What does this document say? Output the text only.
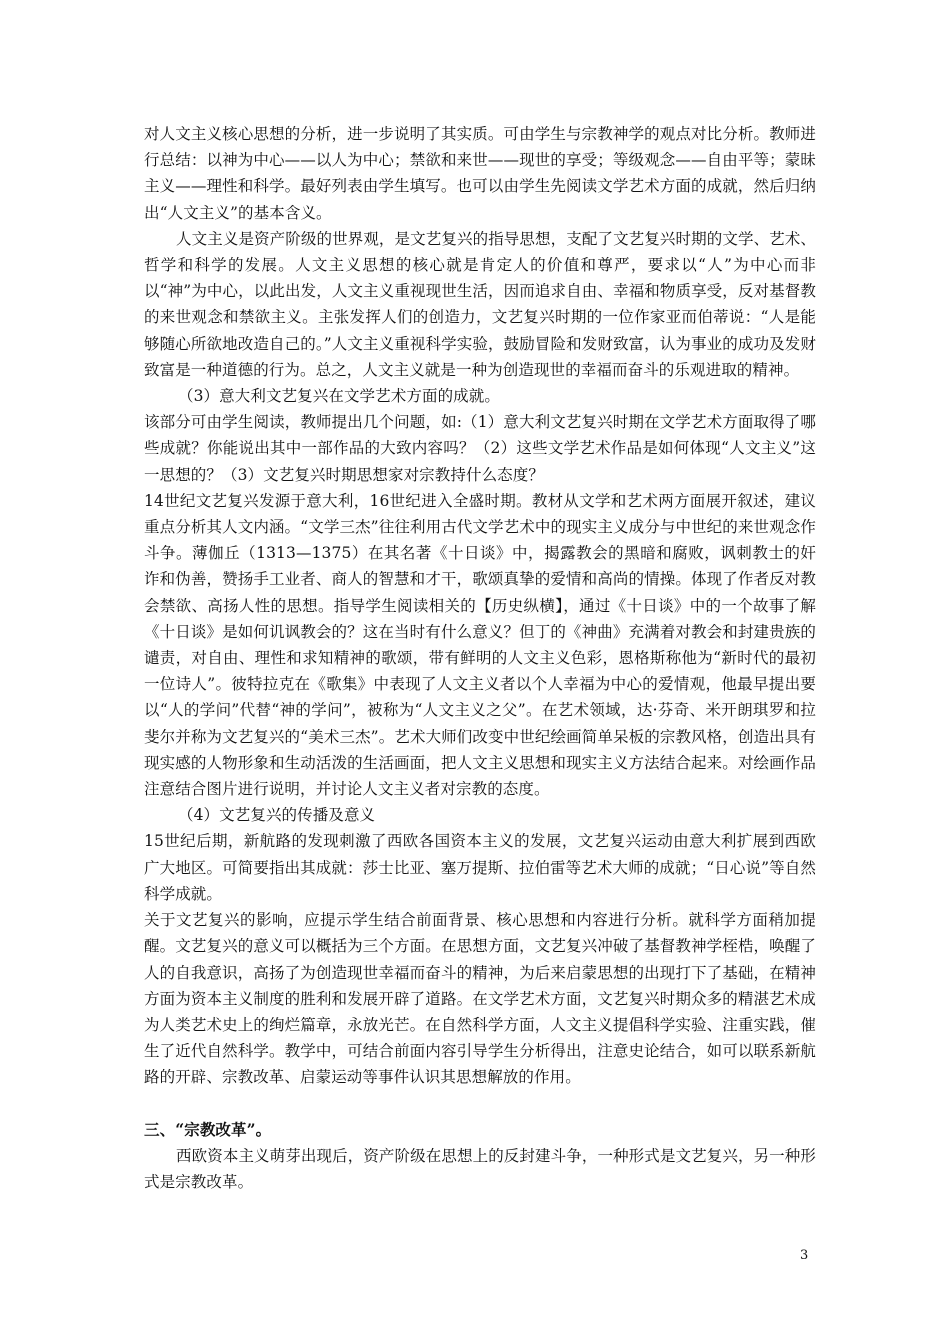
对人文主义核心思想的分析，进一步说明了其实质。可由学生与宗教神学的观点对比分析。教师进行总结：以神为中心——以人为中心；禁欲和来世——现世的享受；等级观念——自由平等；蒙昧主义——理性和科学。最好列表由学生填写。也可以由学生先阅读文学艺术方面的成就，然后归纳出“人文主义”的基本含义。

人文主义是资产阶级的世界观，是文艺复兴的指导思想，支配了文艺复兴时期的文学、艺术、哲学和科学的发展。人文主义思想的核心就是肯定人的价值和尊严，要求以“人”为中心而非以“神”为中心，以此出发，人文主义重视现世生活，因而追求自由、幸福和物质享受，反对基督教的来世观念和禁欲主义。主张发挥人们的创造力，文艺复兴时期的一位作家亚而伯蒂说：“人是能够随心所欲地改造自己的。”人文主义重视科学实验，鼓励冒险和发财致富，认为事业的成功及发财致富是一种道德的行为。总之，人文主义就是一种为创造现世的幸福而奋斗的乐观进取的精神。

（3）意大利文艺复兴在文学艺术方面的成就。

该部分可由学生阅读，教师提出几个问题，如:（1）意大利文艺复兴时期在文学艺术方面取得了哪些成就？你能说出其中一部作品的大致内容吗？（2）这些文学艺术作品是如何体现“人文主义”这一思想的？（3）文艺复兴时期思想家对宗教持什么态度？

14世纪文艺复兴发源于意大利，16世纪进入全盛时期。教材从文学和艺术两方面展开叙述，建议重点分析其人文内涵。“文学三杰”往往利用古代文学艺术中的现实主义成分与中世纪的来世观念作斗争。薄伽丘（1313—1375）在其名著《十日谈》中，揭露教会的黑暗和腐败，讽刺教士的奸诈和伪善，赞扬手工业者、商人的智慧和才干，歌颂真挚的爱情和高尚的情操。体现了作者反对教会禁欲、高扬人性的思想。指导学生阅读相关的【历史纵横】，通过《十日谈》中的一个故事了解《十日谈》是如何讥讽教会的？这在当时有什么意义？但丁的《神曲》充满着对教会和封建贵族的谴责，对自由、理性和求知精神的歌颂，带有鲜明的人文主义色彩，恩格斯称他为“新时代的最初一位诗人”。彼特拉克在《歌集》中表现了人文主义者以个人幸福为中心的爱情观，他最早提出要以“人的学问”代替“神的学问”，被称为“人文主义之父”。在艺术领域，达·芬奇、米开朗琪罗和拉斐尔并称为文艺复兴的“美术三杰”。艺术大师们改变中世纪绘画简单呆板的宗教风格，创造出具有现实感的人物形象和生动活泼的生活画面，把人文主义思想和现实主义方法结合起来。对绘画作品注意结合图片进行说明，并讨论人文主义者对宗教的态度。

（4）文艺复兴的传播及意义

15世纪后期，新航路的发现刺激了西欧各国资本主义的发展，文艺复兴运动由意大利扩展到西欧广大地区。可简要指出其成就：莎士比亚、塞万提斯、拉伯雷等艺术大师的成就；“日心说”等自然科学成就。

关于文艺复兴的影响，应提示学生结合前面背景、核心思想和内容进行分析。就科学方面稍加提醒。文艺复兴的意义可以概括为三个方面。在思想方面，文艺复兴冲破了基督教神学桎梏，唤醒了人的自我意识，高扬了为创造现世幸福而奋斗的精神，为后来启蒙思想的出现打下了基础，在精神方面为资本主义制度的胜利和发展开辟了道路。在文学艺术方面，文艺复兴时期众多的精湛艺术成为人类艺术史上的绚烂篇章，永放光芒。在自然科学方面，人文主义提倡科学实验、注重实践，催生了近代自然科学。教学中，可结合前面内容引导学生分析得出，注意史论结合，如可以联系新航路的开辟、宗教改革、启蒙运动等事件认识其思想解放的作用。

三、“宗教改革”。

西欧资本主义萌芽出现后，资产阶级在思想上的反封建斗争，一种形式是文艺复兴，另一种形式是宗教改革。

3
